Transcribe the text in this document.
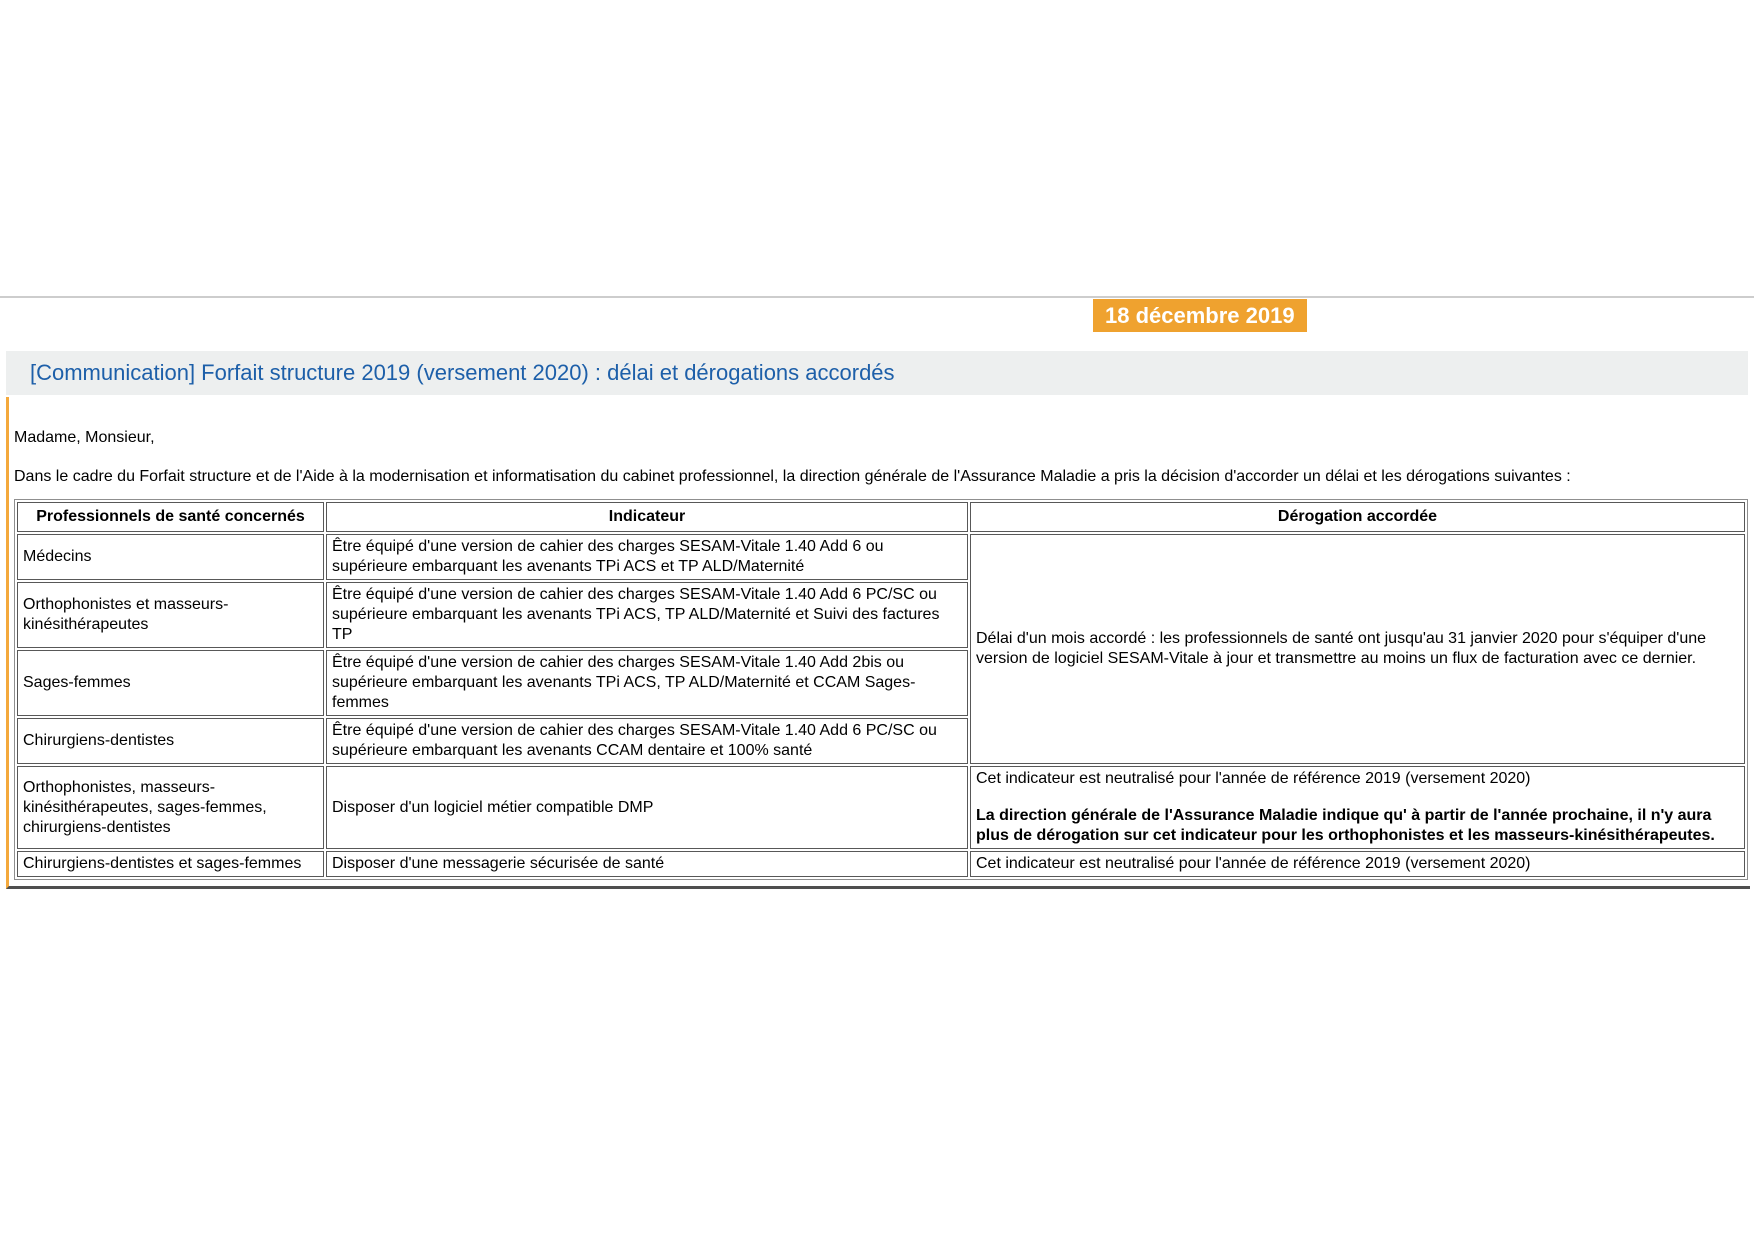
18 décembre 2019
[Communication] Forfait structure 2019 (versement 2020) : délai et dérogations accordés

Madame, Monsieur,

Dans le cadre du Forfait structure et de l'Aide à la modernisation et informatisation du cabinet professionnel, la direction générale de l'Assurance Maladie a pris la décision d'accorder un délai et les dérogations suivantes :

Professionnels de santé concernés	Indicateur	Dérogation accordée
Médecins	Être équipé d'une version de cahier des charges SESAM-Vitale 1.40 Add 6 ou supérieure embarquant les avenants TPi ACS et TP ALD/Maternité	Délai d'un mois accordé : les professionnels de santé ont jusqu'au 31 janvier 2020 pour s'équiper d'une version de logiciel SESAM-Vitale à jour et transmettre au moins un flux de facturation avec ce dernier.
Orthophonistes et masseurs-kinésithérapeutes	Être équipé d'une version de cahier des charges SESAM-Vitale 1.40 Add 6 PC/SC ou supérieure embarquant les avenants TPi ACS, TP ALD/Maternité et Suivi des factures TP	
Sages-femmes	Être équipé d'une version de cahier des charges SESAM-Vitale 1.40 Add 2bis ou supérieure embarquant les avenants TPi ACS, TP ALD/Maternité et CCAM Sages-femmes	
Chirurgiens-dentistes	Être équipé d'une version de cahier des charges SESAM-Vitale 1.40 Add 6 PC/SC ou supérieure embarquant les avenants CCAM dentaire et 100% santé	
Orthophonistes, masseurs-kinésithérapeutes, sages-femmes, chirurgiens-dentistes	Disposer d'un logiciel métier compatible DMP	Cet indicateur est neutralisé pour l'année de référence 2019 (versement 2020)

La direction générale de l'Assurance Maladie indique qu' à partir de l'année prochaine, il n'y aura plus de dérogation sur cet indicateur pour les orthophonistes et les masseurs-kinésithérapeutes.

Chirurgiens-dentistes et sages-femmes	Disposer d'une messagerie sécurisée de santé	Cet indicateur est neutralisé pour l'année de référence 2019 (versement 2020)
